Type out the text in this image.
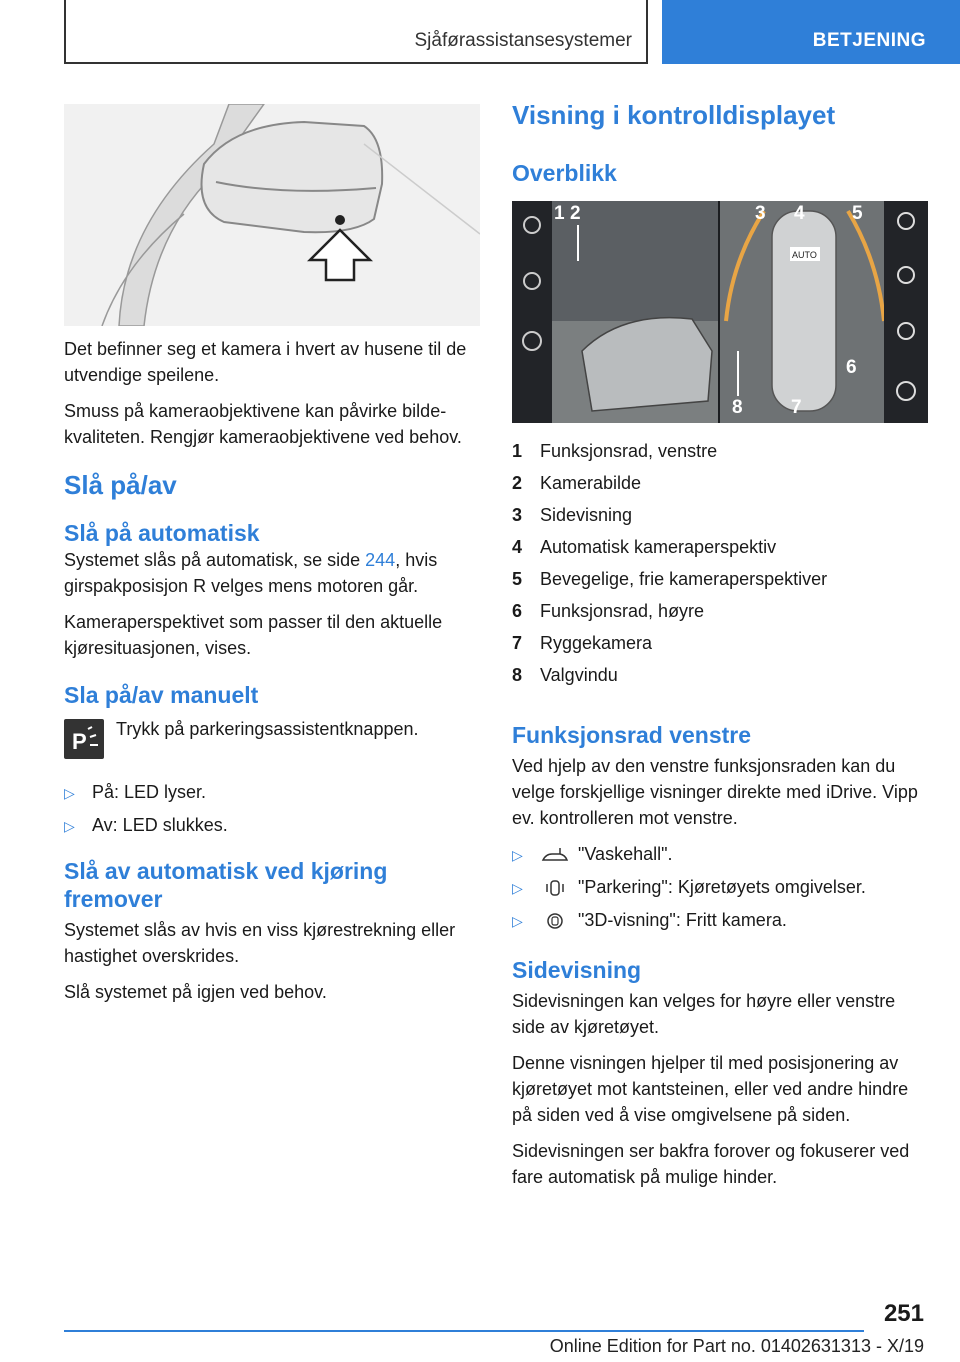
Sjåførassistansesystemer	BETJENING

Det befinner seg et kamera i hvert av husene til de utvendige speilene.

Smuss på kameraobjektivene kan påvirke bildekvaliteten. Rengjør kameraobjektivene ved behov.

Slå på/av
Slå på automatisk

Systemet slås på automatisk, se side 244, hvis girspakposisjon R velges mens motoren går.

Kameraperspektivet som passer til den aktuelle kjøresituasjonen, vises.

Sla på/av manuelt
P Trykk på parkeringsassistentknappen.
▷ På: LED lyser.
▷ Av: LED slukkes.
Slå av automatisk ved kjøring fremover

Systemet slås av hvis en viss kjørestrekning eller hastighet overskrides.

Slå systemet på igjen ved behov.

Visning i kontrolldisplayet
Overblikk
AUTO
1 2	3 4 5
6
7
8
1 Funksjonsrad, venstre
2 Kamerabilde
3 Sidevisning
4 Automatisk kameraperspektiv
5 Bevegelige, frie kameraperspektiver
6 Funksjonsrad, høyre
7 Ryggekamera
8 Valgvindu
Funksjonsrad venstre

Ved hjelp av den venstre funksjonsraden kan du velge forskjellige visninger direkte med iDrive. Vipp ev. kontrolleren mot venstre.

▷	"Vaskehall".
▷	"Parkering": Kjøretøyets omgivelser.
▷	"3D-visning": Fritt kamera.
Sidevisning

Sidevisningen kan velges for høyre eller venstre side av kjøretøyet.

Denne visningen hjelper til med posisjonering av kjøretøyet mot kantsteinen, eller ved andre hindre på siden ved å vise omgivelsene på siden.

Sidevisningen ser bakfra forover og fokuserer ved fare automatisk på mulige hinder.

251
Online Edition for Part no. 01402631313 - X/19
